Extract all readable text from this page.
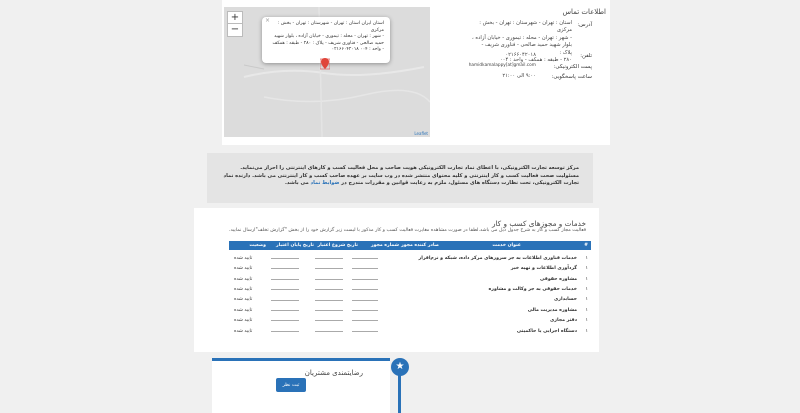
+
−
×	استان ایران استان : تهران - شهرستان : تهران - بخش : مرکزی
- شهر : تهران - محله : تیموری - خیابان آزاده ، بلوار شهید
حمید صالحی - فناوری شریف - پلاک : ۲۸۰ - طبقه : همکف
- واحد : ۰۰۴ ۰۲۱۶۶۰۴۲۰۱۸
Leaflet
اطلاعات تماس
آدرس:
استان : تهران - شهرستان : تهران - بخش : مرکزی
- شهر : تهران - محله : تیموری - خیابان آزاده ،
بلوار شهید حمید صالحی - فناوری شریف - پلاک :
۲۸۰ - طبقه : همکف - واحد : ۰۰۴
تلفن:
۰۲۱۶۶۰۴۲۰۱۸
پست الکترونیکی:
hamidkamalappy[at]gmail.com
ساعت پاسخگویی:
۹:۰۰ الی ۲۱:۰۰
مرکز توسعه تجارت الکترونیکی، با اعطای نماد تجارت الکترونیکی هویت صاحب و محل فعالیت کسب و کارهای اینترنتی را احراز می‌نماید. مسئولیت صحت فعالیت کسب و کار اینترنتی و کلیه محتوای منتشر شده در وب سایت بر عهده صاحب کسب و کار اینترنتی می باشد. دارنده نماد تجارت الکترونیکی، تحت نظارت دستگاه های مسئول، ملزم به رعایت قوانین و مقررات مندرج در ضوابط نماد می باشد.
خدمات و مجوزهای کسب و کار
فعالیت مجاز کسب و کار به شرح جدول ذیل می باشد.لطفا در صورت مشاهده مغایرت فعالیت کسب و کار مذکور با لیست زیر گزارش خود را از بخش "گزارش تخلف"ارسال نمایید.
#
عنوان خدمت
صادر کننده مجوز
شماره مجوز
تاریخ شروع اعتبار
تاریخ پایان اعتبار
وضعیت
۱
خدمات فناوری اطلاعات به جز سرورهای مرکز داده، شبکه و نرم‌افزار
تایید شده
۱
گردآوری اطلاعات و تهیه خبر
تایید شده
۱
مشاوره حقوقی
تایید شده
۱
خدمات حقوقی به جز وکالت و مشاوره
تایید شده
۱
حسابداری
تایید شده
۱
مشاوره مدیریت مالی
تایید شده
۱
دفتر مجازی
تایید شده
۱
دستگاه اجرایی یا حاکمیتی
تایید شده
رضایتمندی مشتریان
ثبت نظر
★
